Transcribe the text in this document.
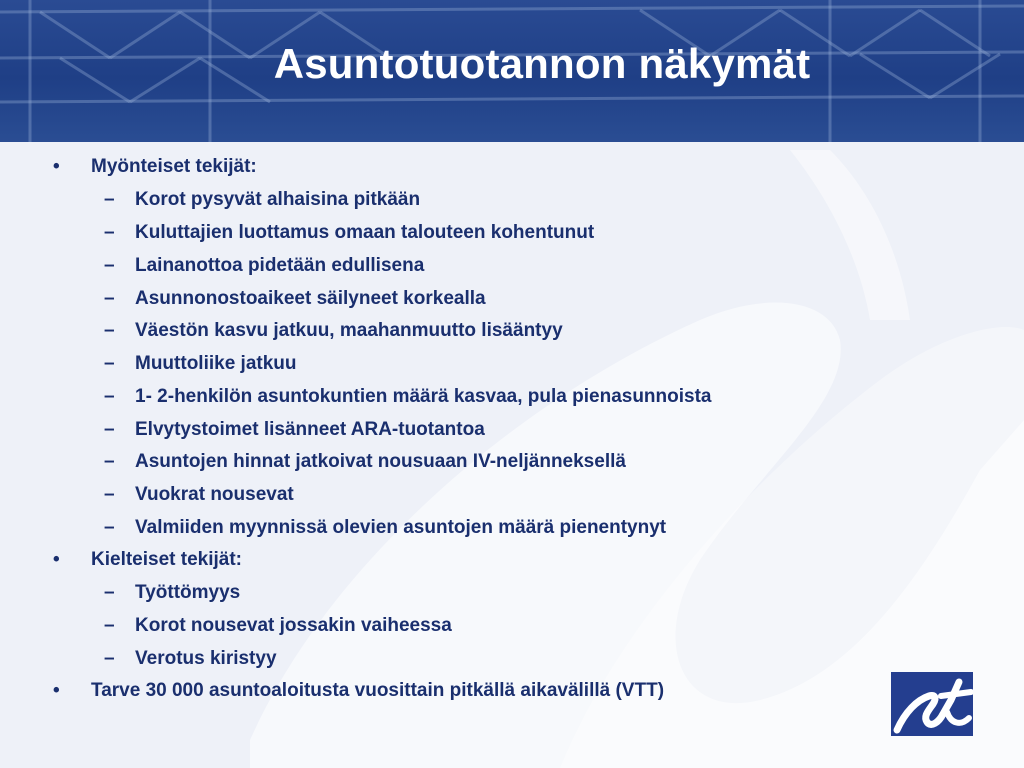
Asuntotuotannon näkymät
• Myönteiset tekijät:
– Korot pysyvät alhaisina pitkään
– Kuluttajien luottamus omaan talouteen kohentunut
– Lainanottoa pidetään edullisena
– Asunnonostoaikeet säilyneet korkealla
– Väestön kasvu jatkuu, maahanmuutto lisääntyy
– Muuttoliike jatkuu
– 1- 2-henkilön asuntokuntien määrä kasvaa, pula pienasunnoista
– Elvytystoimet lisänneet ARA-tuotantoa
– Asuntojen hinnat jatkoivat nousuaan IV-neljänneksellä
– Vuokrat nousevat
– Valmiiden myynnissä olevien asuntojen määrä pienentynyt
• Kielteiset tekijät:
– Työttömyys
– Korot nousevat jossakin vaiheessa
– Verotus kiristyy
• Tarve 30 000 asuntoaloitusta vuosittain pitkällä aikavälillä (VTT)
